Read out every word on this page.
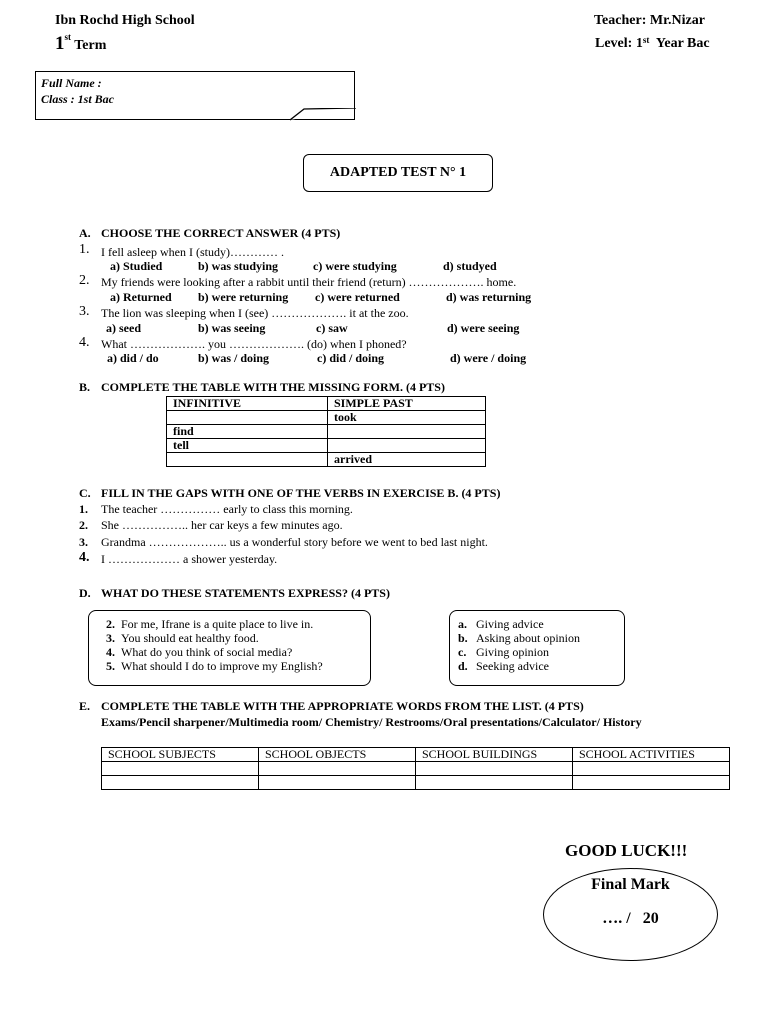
Ibn Rochd High School
1st Term
Teacher: Mr.Nizar
Level: 1st Year Bac
Full Name :
Class : 1st Bac
ADAPTED TEST N° 1
A. CHOOSE THE CORRECT ANSWER (4 PTS)
1. I fell asleep when I (study)………… .
a) Studied	b) was studying	c) were studying	d) studyed
2. My friends were looking after a rabbit until their friend (return) ………………. home.
a) Returned b) were returning c) were returned	d) was returning
3. The lion was sleeping when I (see) ………………. it at the zoo.
a) seed	b) was seeing	c) saw	d) were seeing
4. What ………………. you ………………. (do) when I phoned?
a) did / do	b) was / doing	c) did / doing	d) were / doing
B. COMPLETE THE TABLE WITH THE MISSING FORM. (4 PTS)
INFINITIVE	SIMPLE PAST
	took
find	
tell	
	arrived
C. FILL IN THE GAPS WITH ONE OF THE VERBS IN EXERCISE B. (4 PTS)
1. The teacher …………… early to class this morning.
2. She …………….. her car keys a few minutes ago.
3. Grandma ……………….. us a wonderful story before we went to bed last night.
4. I ……………… a shower yesterday.
D. WHAT DO THESE STATEMENTS EXPRESS? (4 PTS)
2. For me, Ifrane is a quite place to live in.
3. You should eat healthy food.
4. What do you think of social media?
5. What should I do to improve my English?
a. Giving advice
b. Asking about opinion
c. Giving opinion
d. Seeking advice
E. COMPLETE THE TABLE WITH THE APPROPRIATE WORDS FROM THE LIST. (4 PTS)
Exams/Pencil sharpener/Multimedia room/ Chemistry/ Restrooms/Oral presentations/Calculator/ History
SCHOOL SUBJECTS	SCHOOL OBJECTS	SCHOOL BUILDINGS	SCHOOL ACTIVITIES

GOOD LUCK!!!
Final Mark
…. /   20
